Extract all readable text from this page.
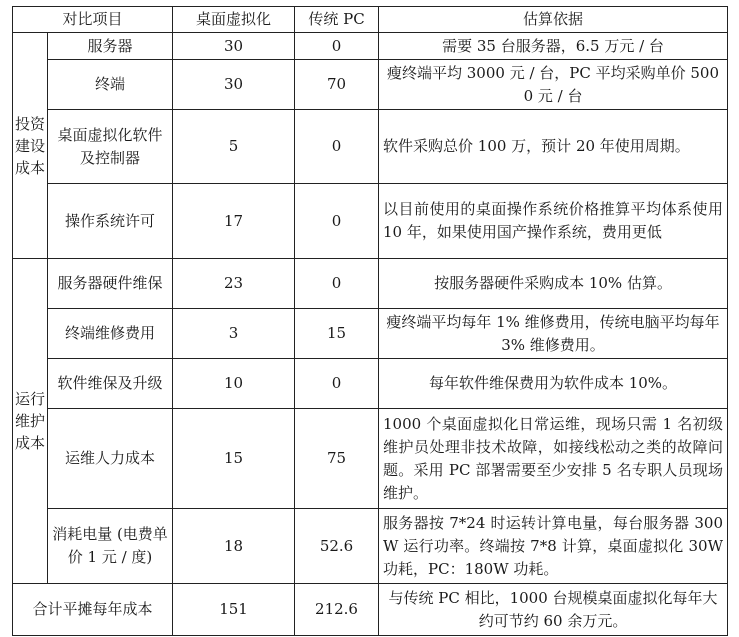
对比项目		桌面虚拟化	传统 PC	估算依据

投资建设成本	服务器	30	0	需要 35 台服务器，6.5 万元 / 台
	终端	30	70	瘦终端平均 3000 元 / 台，PC 平均采购单价 5000 元 / 台
	桌面虚拟化软件及控制器	5	0	软件采购总价 100 万，预计 20 年使用周期。
	操作系统许可	17	0	以目前使用的桌面操作系统价格推算平均体系使用 10 年，如果使用国产操作系统，费用更低

运行维护成本	服务器硬件维保	23	0	按服务器硬件采购成本 10% 估算。
	终端维修费用	3	15	瘦终端平均每年 1% 维修费用，传统电脑平均每年 3% 维修费用。
	软件维保及升级	10	0	每年软件维保费用为软件成本 10%。
	运维人力成本	15	75	1000 个桌面虚拟化日常运维，现场只需 1 名初级维护员处理非技术故障，如接线松动之类的故障问题。采用 PC 部署需要至少安排 5 名专职人员现场维护。
	消耗电量 (电费单价 1 元 / 度)	18	52.6	服务器按 7*24 时运转计算电量，每台服务器 300W 运行功率。终端按 7*8 计算，桌面虚拟化 30W 功耗，PC：180W 功耗。
合计平摊每年成本		151	212.6	与传统 PC 相比，1000 台规模桌面虚拟化每年大约可节约 60 余万元。
